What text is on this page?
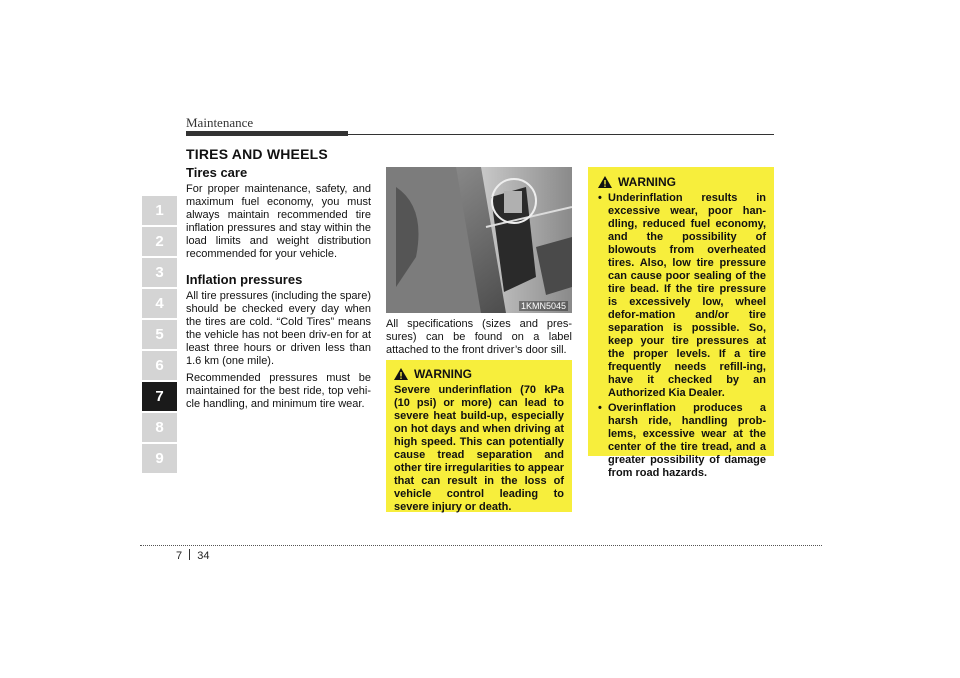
Maintenance
1
2
3
4
5
6
7
8
9
TIRES AND WHEELS
Tires care
For proper maintenance, safety, and maximum fuel economy, you must always maintain recommended tire inflation pressures and stay within the load limits and weight distribution recommended for your vehicle.
Inflation pressures
All tire pressures (including the spare) should be checked every day when the tires are cold. “Cold Tires” means the vehicle has not been driv-en for at least three hours or driven less than 1.6 km (one mile).
Recommended pressures must be maintained for the best ride, top vehi-cle handling, and minimum tire wear.
1KMN5045
All specifications (sizes and pres-sures) can be found on a label attached to the front driver’s door sill.
WARNING
Severe underinflation (70 kPa (10 psi) or more) can lead to severe heat build-up, especially on hot days and when driving at high speed. This can potentially cause tread separation and other tire irregularities to appear that can result in the loss of vehicle control leading to severe injury or death.
WARNING
• Underinflation results in excessive wear, poor han-dling, reduced fuel economy, and the possibility of blowouts from overheated tires. Also, low tire pressure can cause poor sealing of the tire bead. If the tire pressure is excessively low, wheel defor-mation and/or tire separation is possible. So, keep your tire pressures at the proper levels. If a tire frequently needs refill-ing, have it checked by an Authorized Kia Dealer.
• Overinflation produces a harsh ride, handling prob-lems, excessive wear at the center of the tire tread, and a greater possibility of damage from road hazards.
7 34
